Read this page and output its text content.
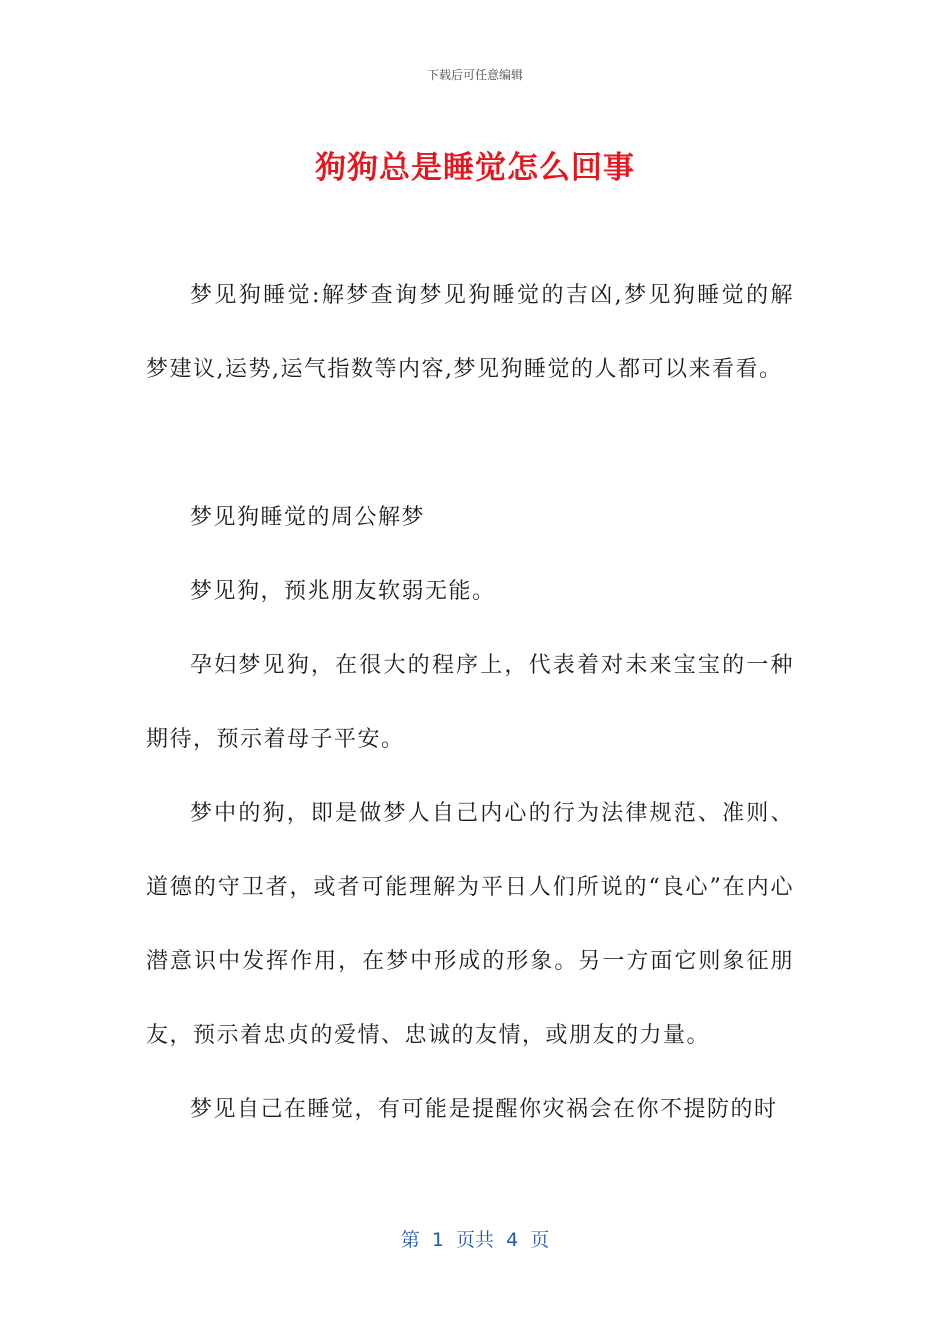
下载后可任意编辑
狗狗总是睡觉怎么回事

梦见狗睡觉:解梦查询梦见狗睡觉的吉凶,梦见狗睡觉的解梦建议,运势,运气指数等内容,梦见狗睡觉的人都可以来看看。

梦见狗睡觉的周公解梦

梦见狗，预兆朋友软弱无能。

孕妇梦见狗，在很大的程序上，代表着对未来宝宝的一种期待，预示着母子平安。

梦中的狗，即是做梦人自己内心的行为法律规范、准则、道德的守卫者，或者可能理解为平日人们所说的“良心”在内心潜意识中发挥作用，在梦中形成的形象。另一方面它则象征朋友，预示着忠贞的爱情、忠诚的友情，或朋友的力量。

梦见自己在睡觉，有可能是提醒你灾祸会在你不提防的时

第  1  页共  4  页
